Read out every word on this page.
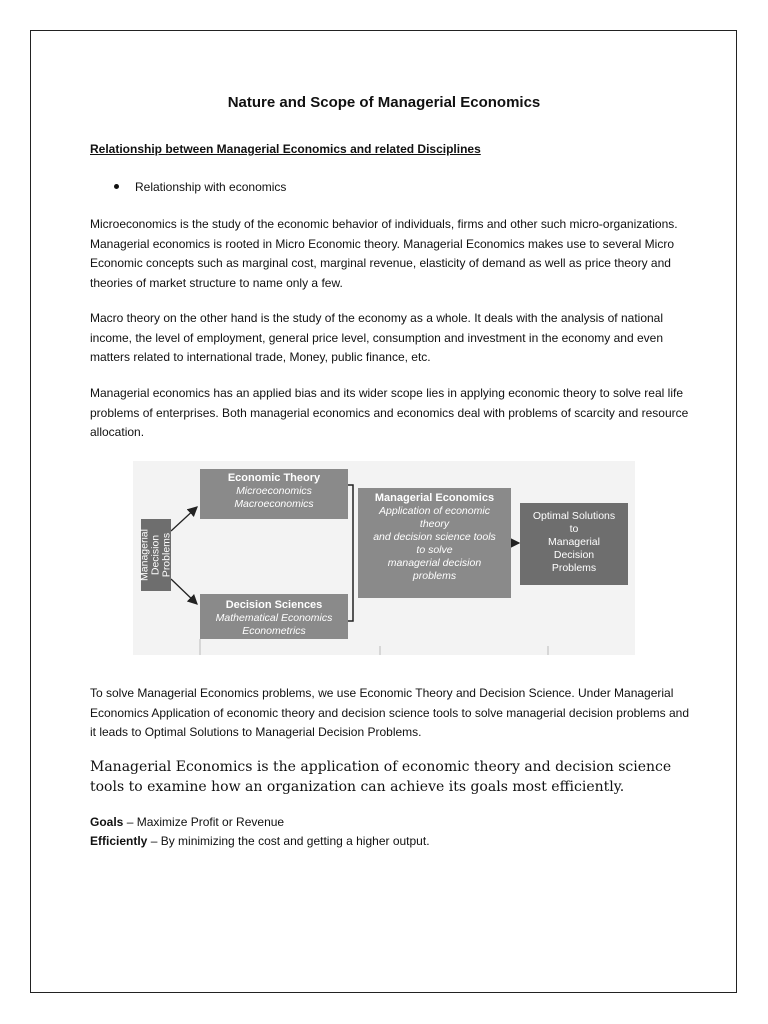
Nature and Scope of Managerial Economics
Relationship between Managerial Economics and related Disciplines
Relationship with economics
Microeconomics is the study of the economic behavior of individuals, firms and other such micro-organizations. Managerial economics is rooted in Micro Economic theory. Managerial Economics makes use to several Micro Economic concepts such as marginal cost, marginal revenue, elasticity of demand as well as price theory and theories of market structure to name only a few.
Macro theory on the other hand is the study of the economy as a whole. It deals with the analysis of national income, the level of employment, general price level, consumption and investment in the economy and even matters related to international trade, Money, public finance, etc.
Managerial economics has an applied bias and its wider scope lies in applying economic theory to solve real life problems of enterprises. Both managerial economics and economics deal with problems of scarcity and resource allocation.
Managerial
Decision
Problems
Economic Theory
Microeconomics
Macroeconomics
Decision Sciences
Mathematical Economics
Econometrics
Managerial Economics
Application of economic
theory
and decision science tools
to solve
managerial decision
problems
Optimal Solutions
to
Managerial
Decision
Problems
To solve Managerial Economics problems, we use Economic Theory and Decision Science. Under Managerial Economics Application of economic theory and decision science tools to solve managerial decision problems and it leads to Optimal Solutions to Managerial Decision Problems.
Managerial Economics is the application of economic theory and decision science tools to examine how an organization can achieve its goals most efficiently.
Goals – Maximize Profit or Revenue
Efficiently – By minimizing the cost and getting a higher output.
